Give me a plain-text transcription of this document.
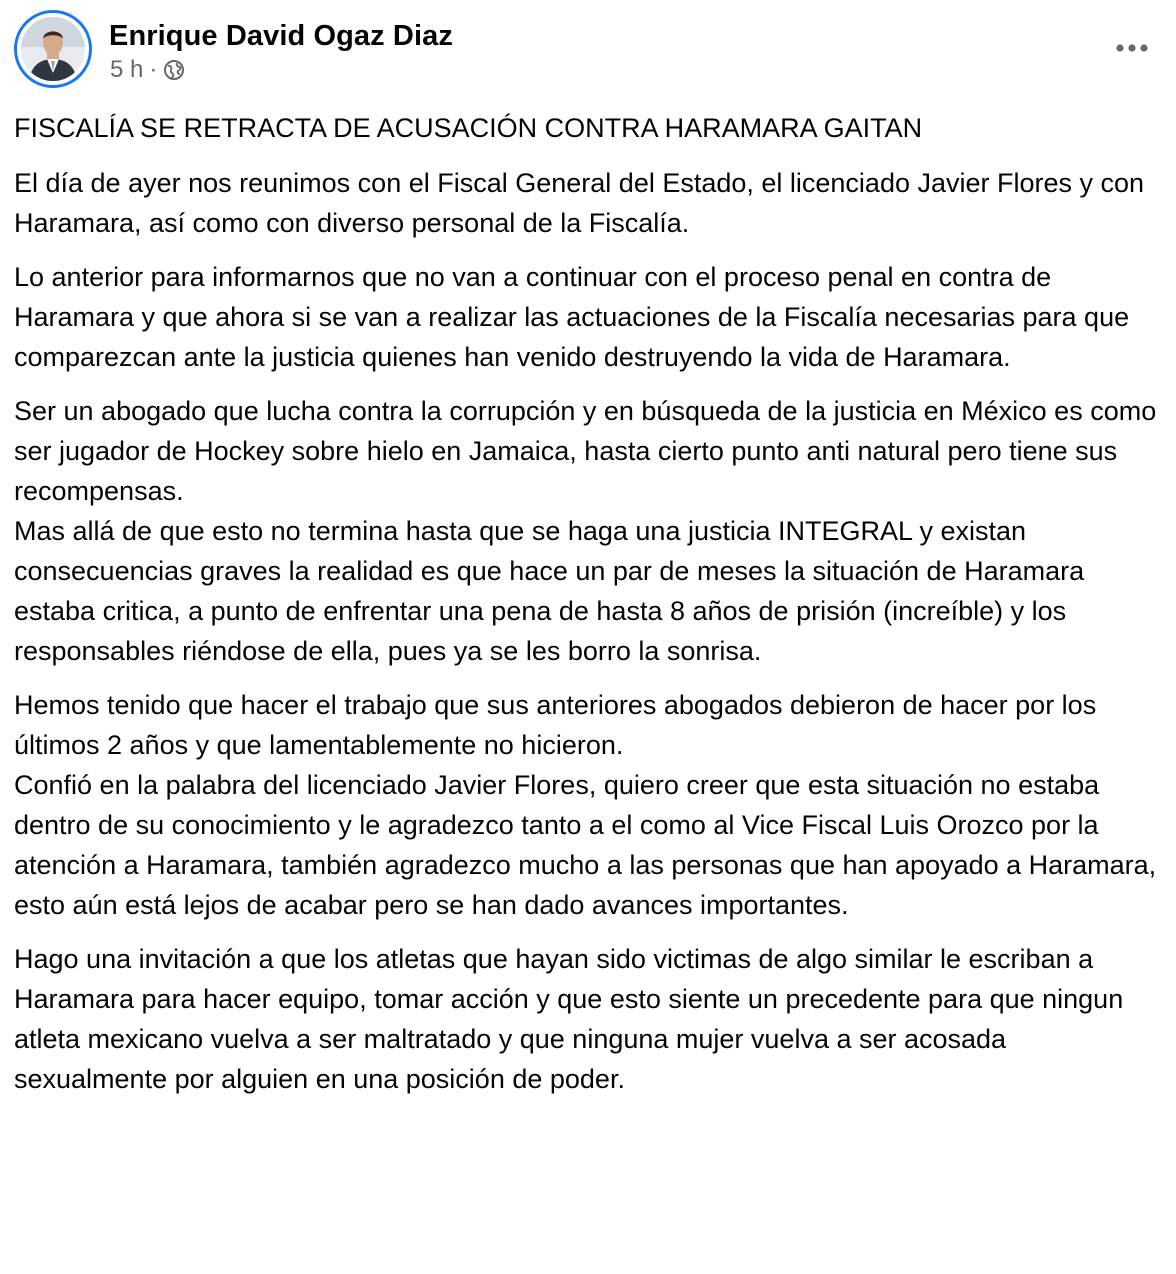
Enrique David Ogaz Diaz
5 h ·

FISCALÍA SE RETRACTA DE ACUSACIÓN CONTRA HARAMARA GAITAN

El día de ayer nos reunimos con el Fiscal General del Estado, el licenciado Javier Flores y con Haramara, así como con diverso personal de la Fiscalía.

Lo anterior para informarnos que no van a continuar con el proceso penal en contra de Haramara y que ahora si se van a realizar las actuaciones de la Fiscalía necesarias para que comparezcan ante la justicia quienes han venido destruyendo la vida de Haramara.

Ser un abogado que lucha contra la corrupción y en búsqueda de la justicia en México es como ser jugador de Hockey sobre hielo en Jamaica, hasta cierto punto anti natural pero tiene sus recompensas.
Mas allá de que esto no termina hasta que se haga una justicia INTEGRAL y existan consecuencias graves la realidad es que hace un par de meses la situación de Haramara estaba critica, a punto de enfrentar una pena de hasta 8 años de prisión (increíble) y los responsables riéndose de ella, pues ya se les borro la sonrisa.

Hemos tenido que hacer el trabajo que sus anteriores abogados debieron de hacer por los últimos 2 años y que lamentablemente no hicieron.
Confió en la palabra del licenciado Javier Flores, quiero creer que esta situación no estaba dentro de su conocimiento y le agradezco tanto a el como al Vice Fiscal Luis Orozco por la atención a Haramara, también agradezco mucho a las personas que han apoyado a Haramara, esto aún está lejos de acabar pero se han dado avances importantes.

Hago una invitación a que los atletas que hayan sido victimas de algo similar le escriban a Haramara para hacer equipo, tomar acción y que esto siente un precedente para que ningun atleta mexicano vuelva a ser maltratado y que ninguna mujer vuelva a ser acosada sexualmente por alguien en una posición de poder.
